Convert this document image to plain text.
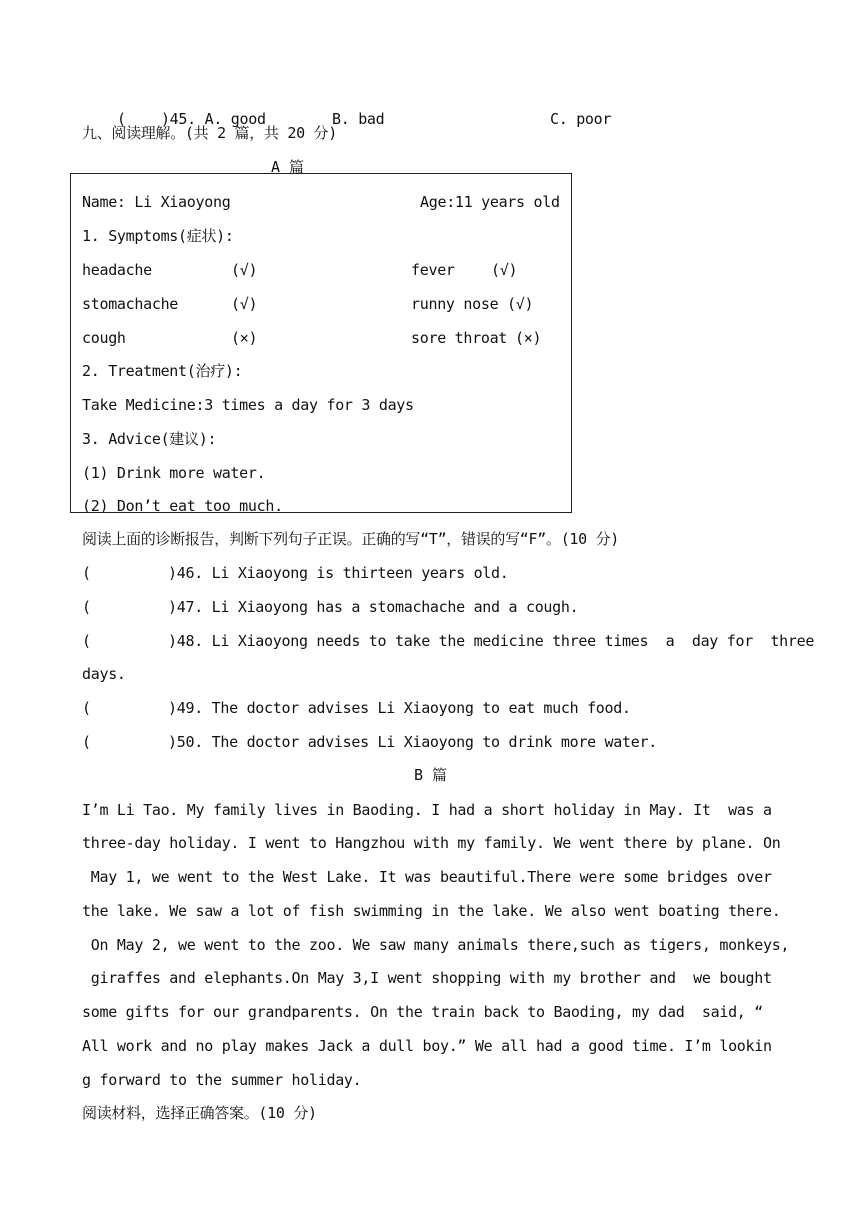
( )45. A. good	B. bad	C. poor

九、阅读理解。(共 2 篇，共 20 分)
A 篇
Name: Li Xiaoyong	Age:11 years old
1. Symptoms(症状):
headache	(√)	fever (√)
stomachache	(√)	runny nose (√)
cough	(×)	sore throat (×)
2. Treatment(治疗):
Take Medicine:3 times a day for 3 days
3. Advice(建议):
(1) Drink more water.
(2) Don’t eat too much.
阅读上面的诊断报告，判断下列句子正误。正确的写“T”，错误的写“F”。(10 分)
(	)46. Li Xiaoyong is thirteen years old.
(	)47. Li Xiaoyong has a stomachache and a cough.
(	)48. Li Xiaoyong needs to take the medicine three times  a  day for  three
days.
(	)49. The doctor advises Li Xiaoyong to eat much food.
(	)50. The doctor advises Li Xiaoyong to drink more water.
B 篇
I’m Li Tao. My family lives in Baoding. I had a short holiday in May. It  was a
three-day holiday. I went to Hangzhou with my family. We went there by plane. On
May 1, we went to the West Lake. It was beautiful.There were some bridges over
the lake. We saw a lot of fish swimming in the lake. We also went boating there.
On May 2, we went to the zoo. We saw many animals there,such as tigers, monkeys,
giraffes and elephants.On May 3,I went shopping with my brother and  we bought
some gifts for our grandparents. On the train back to Baoding, my dad  said, “
All work and no play makes Jack a dull boy.” We all had a good time. I’m lookin
g forward to the summer holiday.
阅读材料，选择正确答案。(10 分)
